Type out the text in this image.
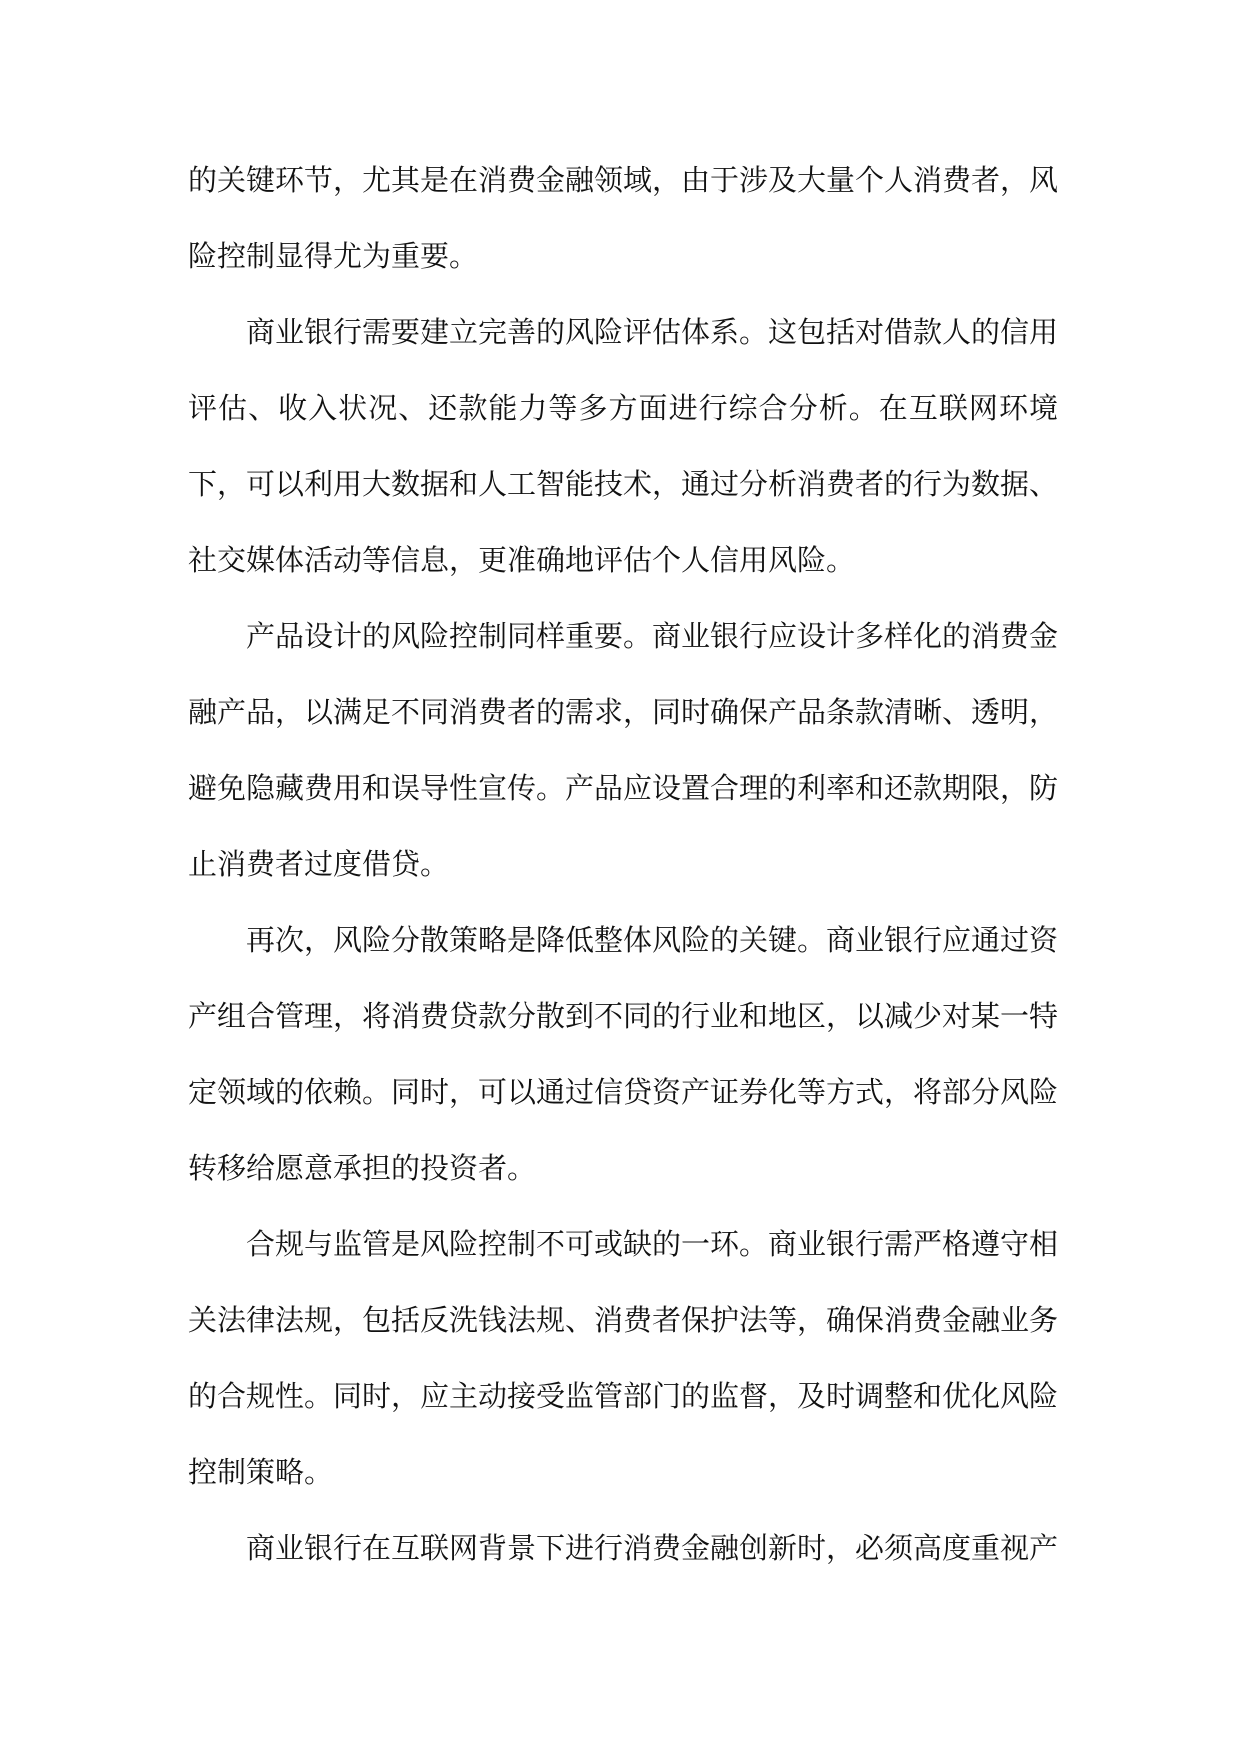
的关键环节，尤其是在消费金融领域，由于涉及大量个人消费者，风险控制显得尤为重要。

商业银行需要建立完善的风险评估体系。这包括对借款人的信用评估、收入状况、还款能力等多方面进行综合分析。在互联网环境下，可以利用大数据和人工智能技术，通过分析消费者的行为数据、社交媒体活动等信息，更准确地评估个人信用风险。

产品设计的风险控制同样重要。商业银行应设计多样化的消费金融产品，以满足不同消费者的需求，同时确保产品条款清晰、透明，避免隐藏费用和误导性宣传。产品应设置合理的利率和还款期限，防止消费者过度借贷。

再次，风险分散策略是降低整体风险的关键。商业银行应通过资产组合管理，将消费贷款分散到不同的行业和地区，以减少对某一特定领域的依赖。同时，可以通过信贷资产证券化等方式，将部分风险转移给愿意承担的投资者。

合规与监管是风险控制不可或缺的一环。商业银行需严格遵守相关法律法规，包括反洗钱法规、消费者保护法等，确保消费金融业务的合规性。同时，应主动接受监管部门的监督，及时调整和优化风险控制策略。

商业银行在互联网背景下进行消费金融创新时，必须高度重视产
